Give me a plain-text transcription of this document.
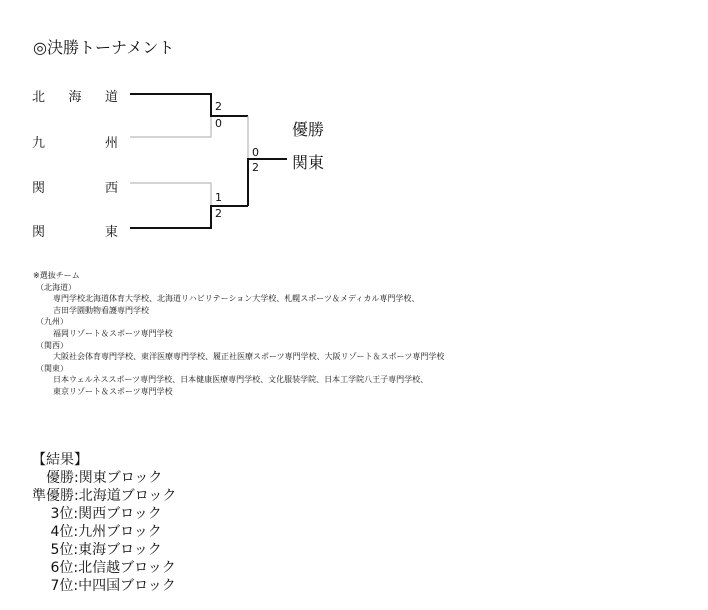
◎決勝トーナメント
北 海 道
九	州
関	西
関	東
2
0
1
2
0
2
優勝
関東
※選抜チーム
（北海道）
専門学校北海道体育大学校、北海道リハビリテーション大学校、札幌スポーツ＆メディカル専門学校、
吉田学園動物看護専門学校
（九州）
福岡リゾート＆スポーツ専門学校
（関西）
大阪社会体育専門学校、東洋医療専門学校、履正社医療スポーツ専門学校、大阪リゾート＆スポーツ専門学校
（関東）
日本ウェルネススポーツ専門学校、日本健康医療専門学校、文化服装学院、日本工学院八王子専門学校、
東京リゾート＆スポーツ専門学校
【結果】
　優勝:関東ブロック
準優勝:北海道ブロック
　 3位:関西ブロック
　 4位:九州ブロック
　 5位:東海ブロック
　 6位:北信越ブロック
　 7位:中四国ブロック
